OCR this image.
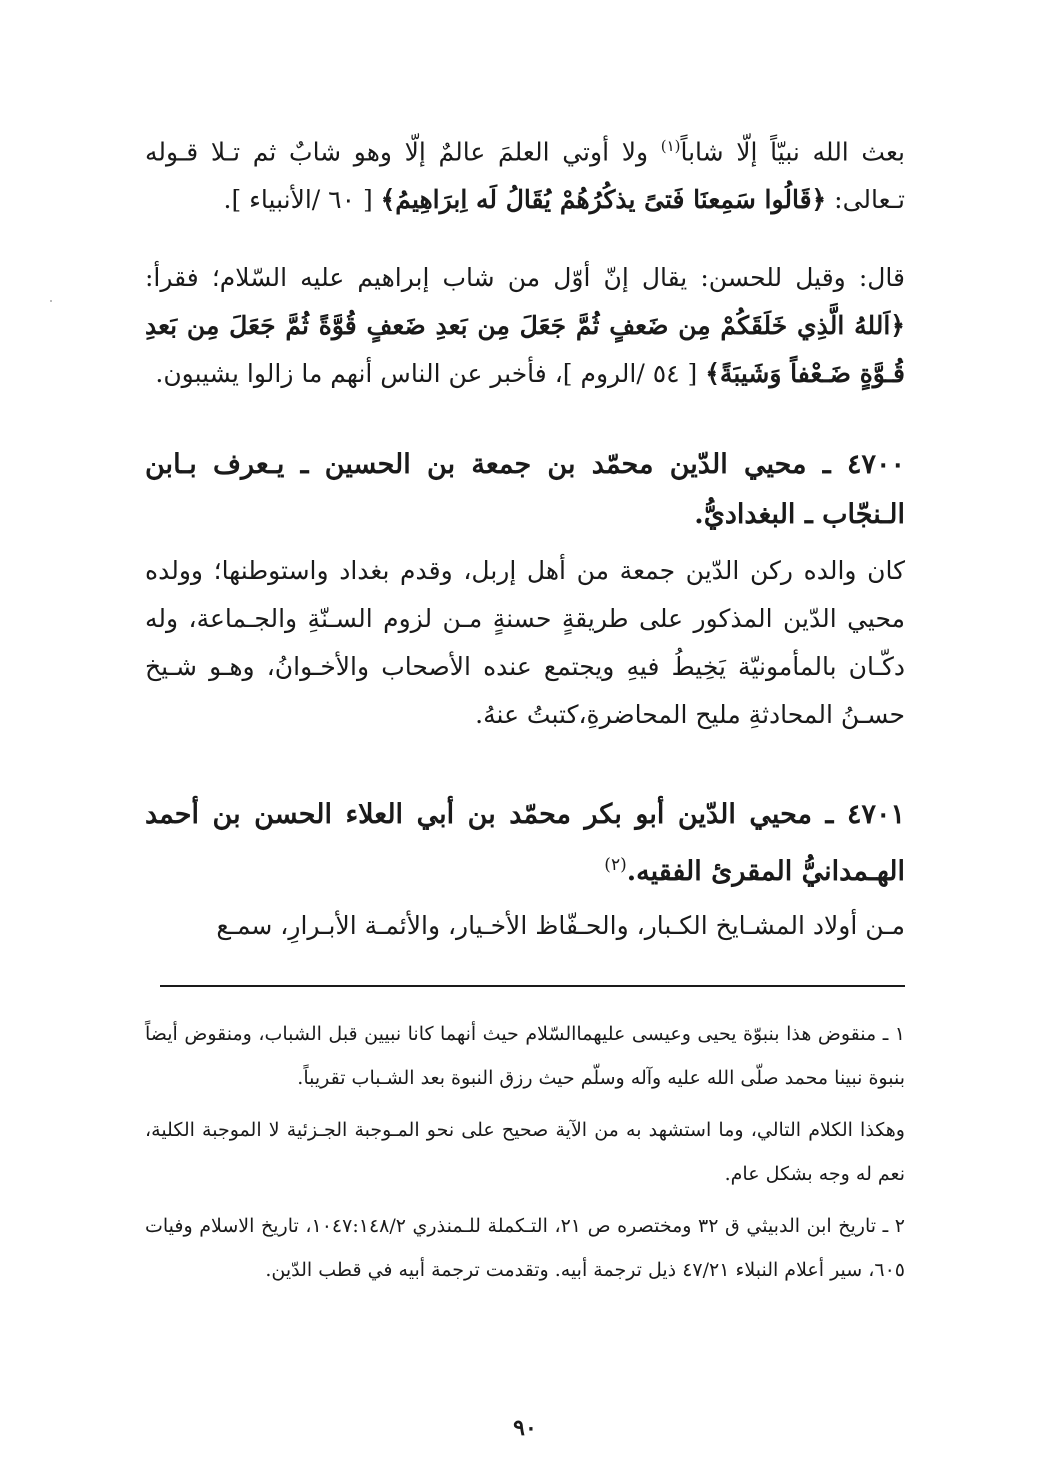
بعث الله نبيّاً إلّا شاباً$^{(١)}$ ولا أوتي العلمَ عالمٌ إلّا وهو شابٌ ثم تـلا قـوله تـعالى: ﴿قَالُوا سَمِعنَا فَتىً يذكُرُهُمْ يُقَالُ لَه اِبرَاهِيمُ﴾ [ ٦٠ /الأنبياء ].
قال: وقيل للحسن: يقال إنّ أوّل من شاب إبراهيم عليه السّلام؛ فقرأ: ﴿اَللهُ الَّذِي خَلَقَكُمْ مِن ضَعفٍ ثُمَّ جَعَلَ مِن بَعدِ ضَعفٍ قُوَّةً ثُمَّ جَعَلَ مِن بَعدِ قُـوَّةٍ ضَـعْفاً وَشَيبَةً﴾ [ ٥٤ /الروم ]، فأخبر عن الناس أنهم ما زالوا يشيبون.
٤٧٠٠ ـ محيي الدّين محمّد بن جمعة بن الحسين ـ يـعرف بـابن الـنجّاب ـ البغداديُّ.
كان والده ركن الدّين جمعة من أهل إربل، وقدم بغداد واستوطنها؛ وولده محيي الدّين المذكور على طريقةٍ حسنةٍ مـن لزوم السـنّةِ والجـماعة، وله دكّـان بالمأمونيّة يَخِيطُ فيهِ ويجتمع عنده الأصحاب والأخـوانُ، وهـو شـيخ حسـنُ المحادثةِ مليح المحاضرةِ،كتبتُ عنهُ.
٤٧٠١ ـ محيي الدّين أبو بكر محمّد بن أبي العلاء الحسن بن أحمد الهـمدانيُّ المقرئ الفقيه.$^{(٢)}$
مـن أولاد المشـايخ الكـبار، والحـفّاظ الأخـيار، والأئمـة الأبـرارِ، سمـع

١ ـ منقوض هذا بنبوّة يحيى وعيسى عليهماالسّلام حيث أنهما كانا نبيين قبل الشباب، ومنقوض أيضاً بنبوة نبينا محمد صلّى الله عليه وآله وسلّم حيث رزق النبوة بعد الشـباب تقريباً.

وهكذا الكلام التالي، وما استشهد به من الآية صحيح على نحو المـوجبة الجـزئية لا الموجبة الكلية، نعم له وجه بشكل عام.

٢ ـ تاريخ ابن الدبيثي ق ٣٢ ومختصره ص ٢١، التـكملة للـمنذري ١٠٤٧:١٤٨/٢، تاريخ الاسلام وفيات ٦٠٥، سير أعلام النبلاء ٤٧/٢١ ذيل ترجمة أبيه. وتقدمت ترجمة أبيه في قطب الدّين.

٩٠
